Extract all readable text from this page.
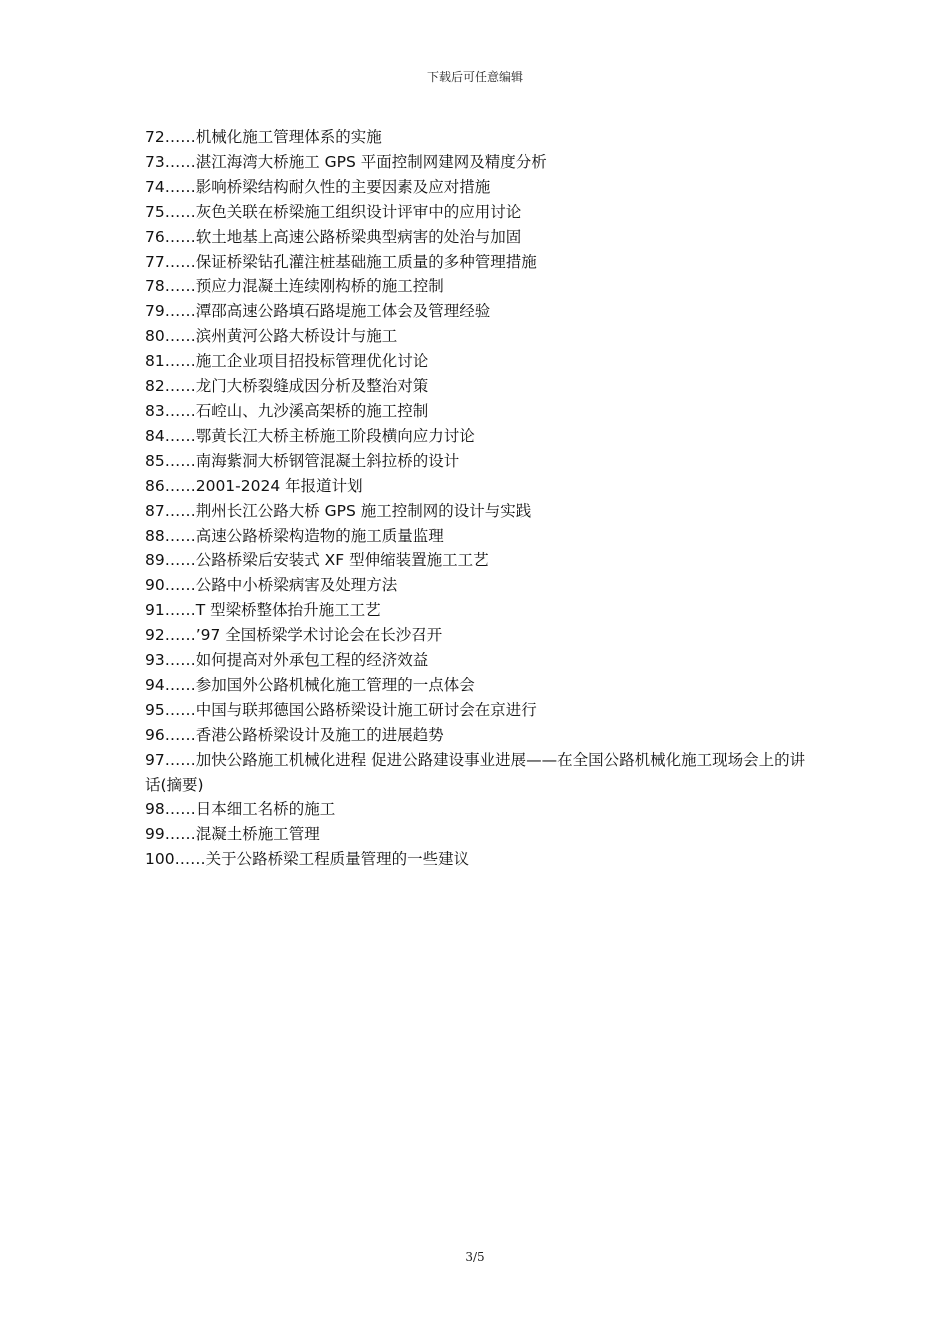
下载后可任意编辑
72……机械化施工管理体系的实施
73……湛江海湾大桥施工 GPS 平面控制网建网及精度分析
74……影响桥梁结构耐久性的主要因素及应对措施
75……灰色关联在桥梁施工组织设计评审中的应用讨论
76……软土地基上高速公路桥梁典型病害的处治与加固
77……保证桥梁钻孔灌注桩基础施工质量的多种管理措施
78……预应力混凝土连续刚构桥的施工控制
79……潭邵高速公路填石路堤施工体会及管理经验
80……滨州黄河公路大桥设计与施工
81……施工企业项目招投标管理优化讨论
82……龙门大桥裂缝成因分析及整治对策
83……石崆山、九沙溪高架桥的施工控制
84……鄂黄长江大桥主桥施工阶段横向应力讨论
85……南海紫洞大桥钢管混凝土斜拉桥的设计
86……2001-2024 年报道计划
87……荆州长江公路大桥 GPS 施工控制网的设计与实践
88……高速公路桥梁构造物的施工质量监理
89……公路桥梁后安装式 XF 型伸缩装置施工工艺
90……公路中小桥梁病害及处理方法
91……T 型梁桥整体抬升施工工艺
92……’97 全国桥梁学术讨论会在长沙召开
93……如何提高对外承包工程的经济效益
94……参加国外公路机械化施工管理的一点体会
95……中国与联邦德国公路桥梁设计施工研讨会在京进行
96……香港公路桥梁设计及施工的进展趋势
97……加快公路施工机械化进程 促进公路建设事业进展——在全国公路机械化施工现场会上的讲话(摘要)
98……日本细工名桥的施工
99……混凝土桥施工管理
100……关于公路桥梁工程质量管理的一些建议
3/5
